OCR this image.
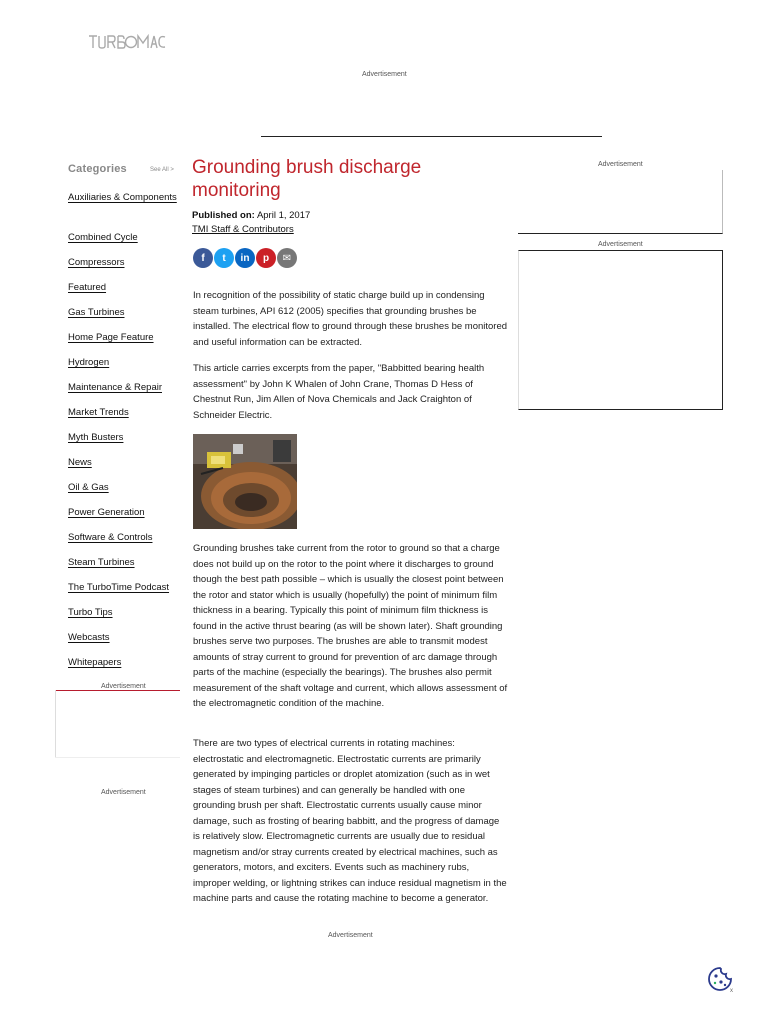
Advertisement
Categories	See All >
Auxiliaries & Components
Combined Cycle
Compressors
Featured
Gas Turbines
Home Page Feature
Hydrogen
Maintenance & Repair
Market Trends
Myth Busters
News
Oil & Gas
Power Generation
Software & Controls
Steam Turbines
The TurboTime Podcast
Turbo Tips
Webcasts
Whitepapers
Advertisement
Advertisement
Grounding brush discharge monitoring
Published on: April 1, 2017
TMI Staff & Contributors
f	t	in	p	✉

In recognition of the possibility of static charge build up in condensing steam turbines, API 612 (2005) specifies that grounding brushes be installed. The electrical flow to ground through these brushes be monitored and useful information can be extracted.

This article carries excerpts from the paper, "Babbitted bearing health assessment" by John K Whalen of John Crane, Thomas D Hess of Chestnut Run, Jim Allen of Nova Chemicals and Jack Craighton of Schneider Electric.

Grounding brushes take current from the rotor to ground so that a charge does not build up on the rotor to the point where it discharges to ground though the best path possible – which is usually the closest point between the rotor and stator which is usually (hopefully) the point of minimum film thickness in a bearing. Typically this point of minimum film thickness is found in the active thrust bearing (as will be shown later). Shaft grounding brushes serve two purposes. The brushes are able to transmit modest amounts of stray current to ground for prevention of arc damage through parts of the machine (especially the bearings). The brushes also permit measurement of the shaft voltage and current, which allows assessment of the electromagnetic condition of the machine.

There are two types of electrical currents in rotating machines: electrostatic and electromagnetic. Electrostatic currents are primarily generated by impinging particles or droplet atomization (such as in wet stages of steam turbines) and can generally be handled with one grounding brush per shaft. Electrostatic currents usually cause minor damage, such as frosting of bearing babbitt, and the progress of damage is relatively slow. Electromagnetic currents are usually due to residual magnetism and/or stray currents created by electrical machines, such as generators, motors, and exciters. Events such as machinery rubs, improper welding, or lightning strikes can induce residual magnetism in the machine parts and cause the rotating machine to become a generator.

Advertisement
Advertisement
Advertisement
x
